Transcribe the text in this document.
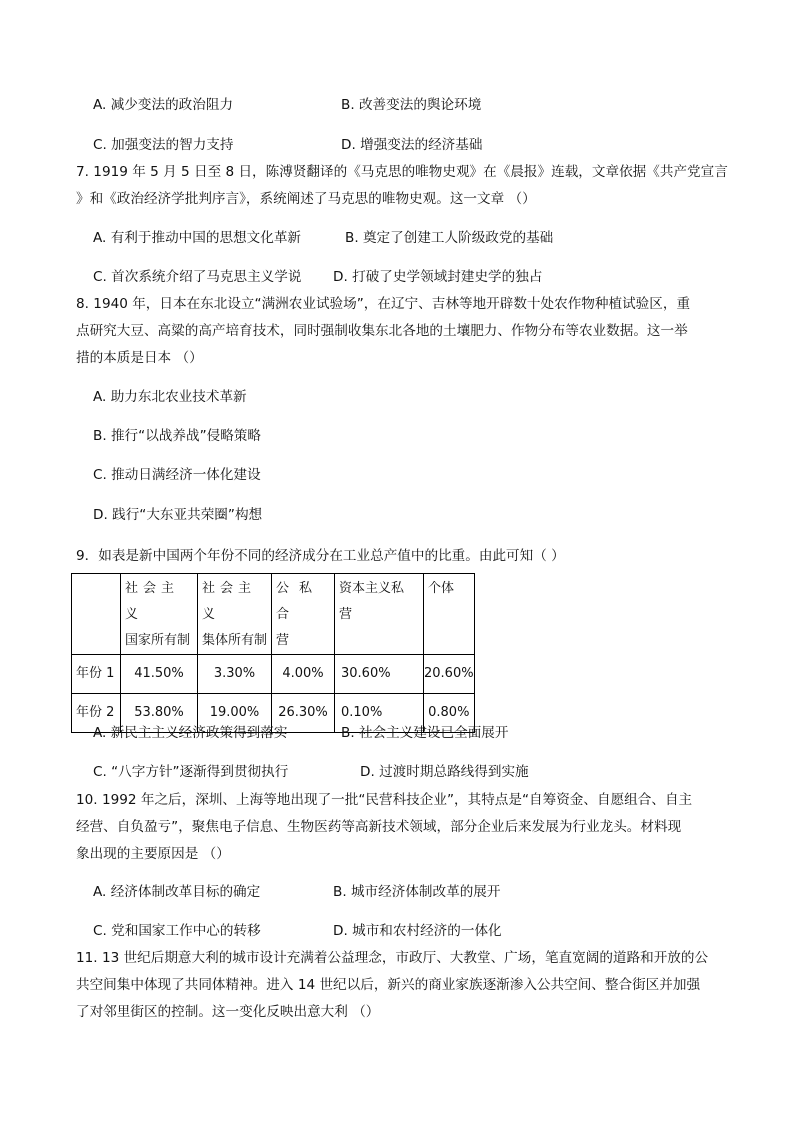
A. 减少变法的政治阻力	B. 改善变法的舆论环境
C. 加强变法的智力支持	D. 增强变法的经济基础
7. 1919 年 5 月 5 日至 8 日，陈溥贤翻译的《马克思的唯物史观》在《晨报》连载，文章依据《共产党宣言
》和《政治经济学批判序言》，系统阐述了马克思的唯物史观。这一文章 （）
A. 有利于推动中国的思想文化革新	B. 奠定了创建工人阶级政党的基础
C. 首次系统介绍了马克思主义学说 D. 打破了史学领域封建史学的独占
8. 1940 年，日本在东北设立“满洲农业试验场”，在辽宁、吉林等地开辟数十处农作物种植试验区，重
点研究大豆、高粱的高产培育技术，同时强制收集东北各地的土壤肥力、作物分布等农业数据。这一举
措的本质是日本 （）
A. 助力东北农业技术革新
B. 推行“以战养战”侵略策略
C. 推动日满经济一体化建设
D. 践行“大东亚共荣圈”构想
9．如表是新中国两个年份不同的经济成分在工业总产值中的比重。由此可知（ ）

	社会主义
国家所有制	社会主义
集体所有制	公私合
营	资本主义私
营	个体

年份 1	41.50%	3.30%	4.00%	30.60%	20.60%
年份 2	53.80%	19.00%	26.30%	0.10%	0.80%
A. 新民主主义经济政策得到落实	B. 社会主义建设已全面展开
C. “八字方针”逐渐得到贯彻执行	D. 过渡时期总路线得到实施
10. 1992 年之后，深圳、上海等地出现了一批“民营科技企业”，其特点是“自筹资金、自愿组合、自主
经营、自负盈亏”，聚焦电子信息、生物医药等高新技术领域，部分企业后来发展为行业龙头。材料现
象出现的主要原因是 （）
A. 经济体制改革目标的确定	B. 城市经济体制改革的展开
C. 党和国家工作中心的转移	D. 城市和农村经济的一体化
11. 13 世纪后期意大利的城市设计充满着公益理念，市政厅、大教堂、广场，笔直宽阔的道路和开放的公
共空间集中体现了共同体精神。进入 14 世纪以后，新兴的商业家族逐渐渗入公共空间、整合街区并加强
了对邻里街区的控制。这一变化反映出意大利 （）
